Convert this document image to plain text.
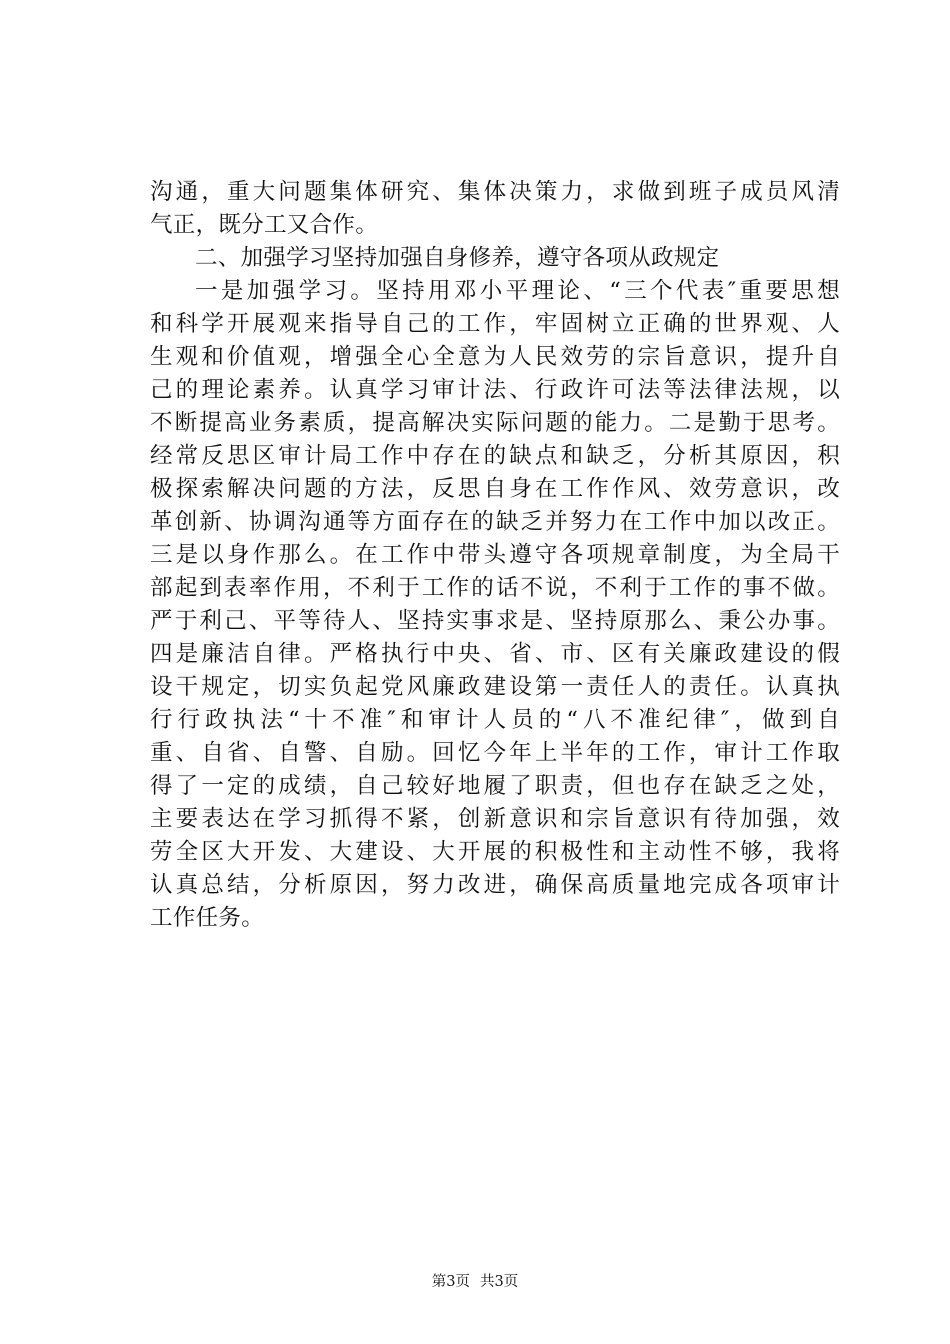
沟通，重大问题集体研究、集体决策力，求做到班子成员风清
气正，既分工又合作。
二、加强学习坚持加强自身修养，遵守各项从政规定
一是加强学习。坚持用邓小平理论、“三个代表″重要思想
和科学开展观来指导自己的工作，牢固树立正确的世界观、人
生观和价值观，增强全心全意为人民效劳的宗旨意识，提升自
己的理论素养。认真学习审计法、行政许可法等法律法规，以
不断提高业务素质，提高解决实际问题的能力。二是勤于思考。
经常反思区审计局工作中存在的缺点和缺乏，分析其原因，积
极探索解决问题的方法，反思自身在工作作风、效劳意识，改
革创新、协调沟通等方面存在的缺乏并努力在工作中加以改正。
三是以身作那么。在工作中带头遵守各项规章制度，为全局干
部起到表率作用，不利于工作的话不说，不利于工作的事不做。
严于利己、平等待人、坚持实事求是、坚持原那么、秉公办事。
四是廉洁自律。严格执行中央、省、市、区有关廉政建设的假
设干规定，切实负起党风廉政建设第一责任人的责任。认真执
行行政执法“十不准″和审计人员的“八不准纪律″，做到自
重、自省、自警、自励。回忆今年上半年的工作，审计工作取
得了一定的成绩，自己较好地履了职责，但也存在缺乏之处，
主要表达在学习抓得不紧，创新意识和宗旨意识有待加强，效
劳全区大开发、大建设、大开展的积极性和主动性不够，我将
认真总结，分析原因，努力改进，确保高质量地完成各项审计
工作任务。
第3页 共3页
